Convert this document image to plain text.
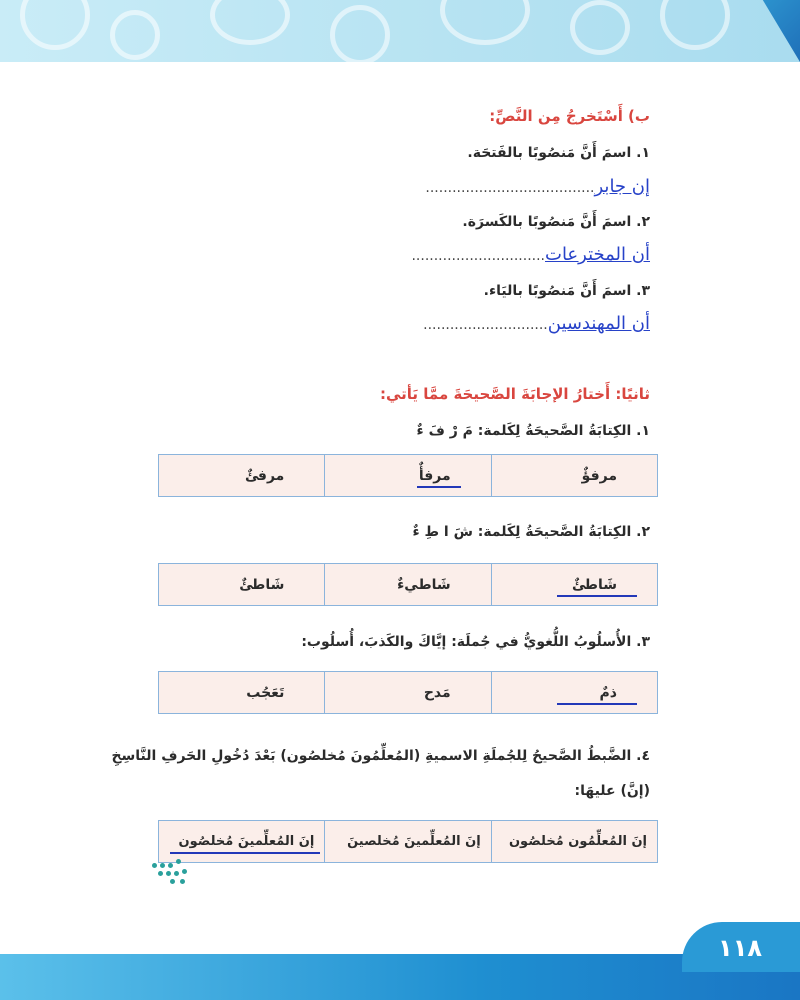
ب) أَسْتَخرجُ مِن النَّصِّ:
١. اسمَ أَنَّ مَنصُوبًا بالفَتحَة.
إن جابر......................................
٢. اسمَ أَنَّ مَنصُوبًا بالكَسرَة.
أن المخترعات..............................
٣. اسمَ أَنَّ مَنصُوبًا باليَاء.
أن المهندسين............................
ثانيًا: أَختارُ الإجابَةَ الصَّحيحَةَ ممَّا يَأتي:
١. الكِتابَةُ الصَّحيحَةُ لِكَلمة: مَ رْ فَ ءٌ
مرفؤٌ
مرفأٌ
مرفئٌ
٢. الكِتابَةُ الصَّحيحَةُ لِكَلمة: شَ ا طِ ءٌ
شَاطئٌ
شَاطيءٌ
شَاطئٌ
٣. الأُسلُوبُ اللُّغويُّ في جُملَة: إيَّاكَ والكَذبَ، أُسلُوب:
ذمٌ
مَدح
تَعَجُب
٤. الضَّبطُ الصَّحيحُ لِلجُملَةِ الاسميةِ (المُعلِّمُونَ مُخلصُون) بَعْدَ دُخُولِ الحَرفِ النَّاسِخِ
(إنَّ) عليهَا:
إنَ المُعلِّمُون مُخلصُون
إنَ المُعلِّمينَ مُخلصينَ
إنَ المُعلِّمينَ مُخلصُون
١١٨
